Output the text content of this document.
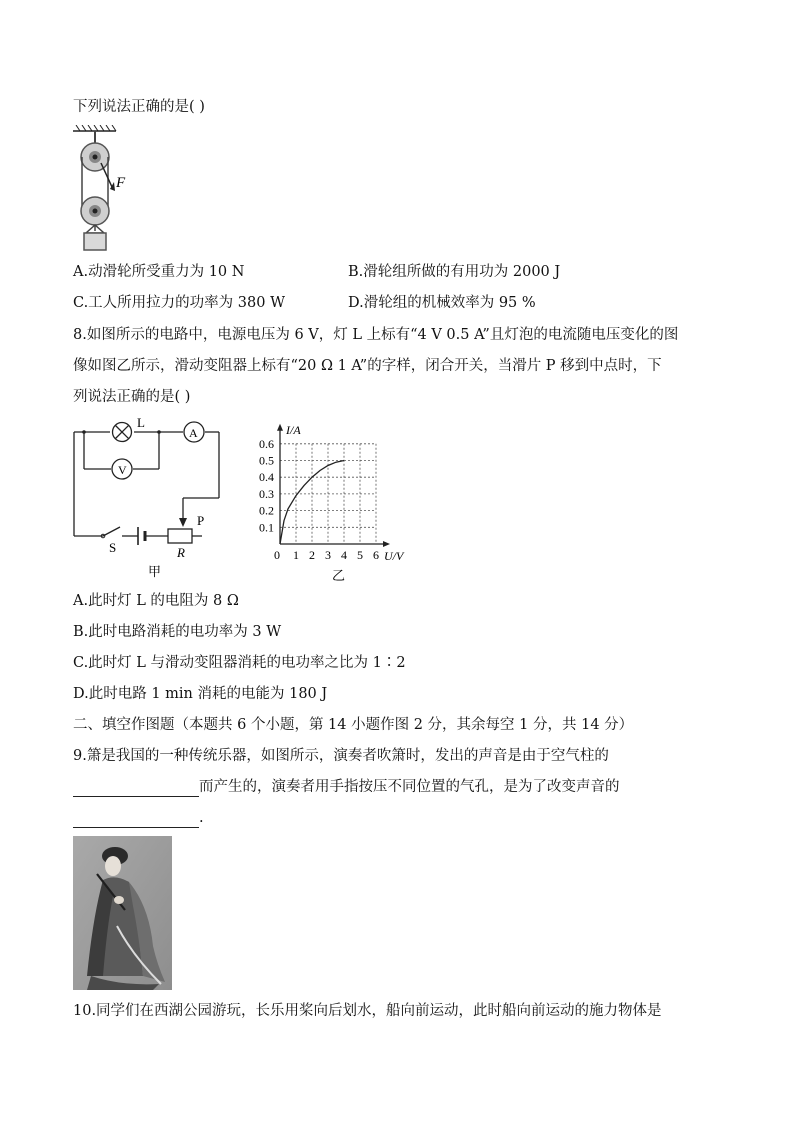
下列说法正确的是( )
F
A.动滑轮所受重力为 10 N	B.滑轮组所做的有用功为 2000 J
C.工人所用拉力的功率为 380 W	D.滑轮组的机械效率为 95 %
8.如图所示的电路中，电源电压为 6 V，灯 L 上标有“4 V 0.5 A”且灯泡的电流随电压变化的图
像如图乙所示，滑动变阻器上标有“20 Ω 1 A”的字样，闭合开关，当滑片 P 移到中点时，下
列说法正确的是( )
L
A
V
P
S	R
甲
0 1 2 3 4 5 6
0.1
0.2
0.3
0.4
0.5
0.6
U/V
I/A
乙
A.此时灯 L 的电阻为 8 Ω
B.此时电路消耗的电功率为 3 W
C.此时灯 L 与滑动变阻器消耗的电功率之比为 1∶2
D.此时电路 1 min 消耗的电能为 180 J
二、填空作图题（本题共 6 个小题，第 14 小题作图 2 分，其余每空 1 分，共 14 分）
9.箫是我国的一种传统乐器，如图所示，演奏者吹箫时，发出的声音是由于空气柱的
而产生的，演奏者用手指按压不同位置的气孔，是为了改变声音的
.
10.同学们在西湖公园游玩，长乐用桨向后划水，船向前运动，此时船向前运动的施力物体是
